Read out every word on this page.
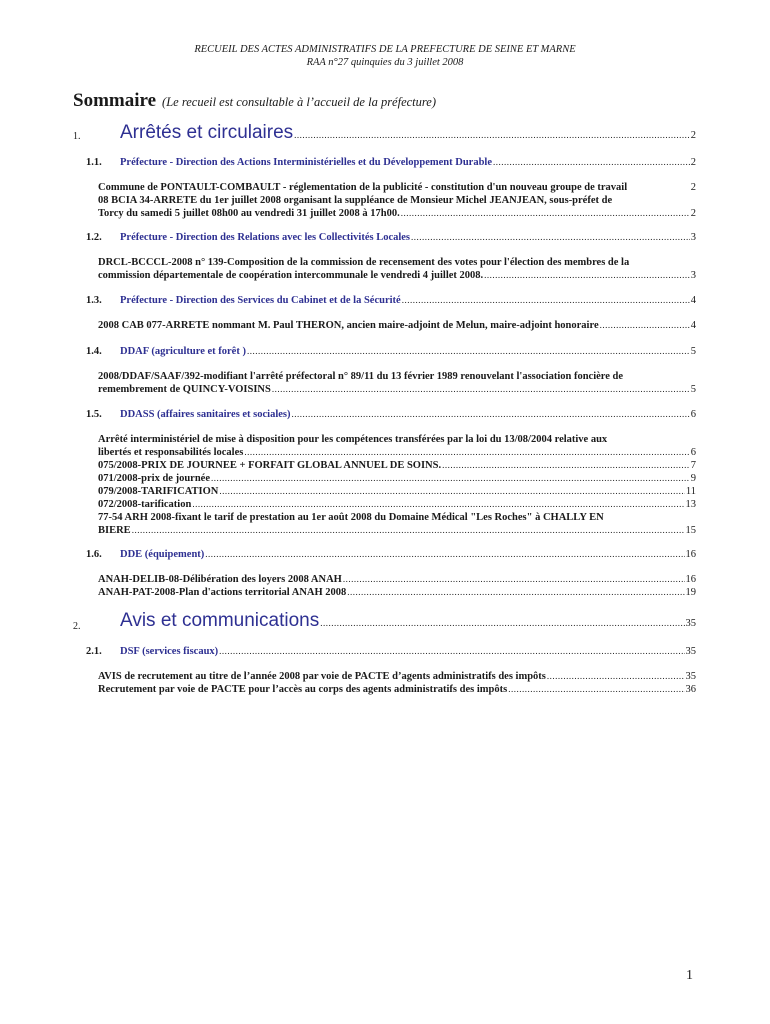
RECUEIL DES ACTES ADMINISTRATIFS DE LA PREFECTURE DE SEINE ET MARNE
RAA n°27 quinquies du 3 juillet 2008
Sommaire (Le recueil est consultable à l’accueil de la préfecture)
1. Arrêtés et circulaires .....	2
1.1. Préfecture - Direction des Actions Interministérielles et du Développement Durable .....	2
Commune de PONTAULT-COMBAULT - réglementation de la publicité - constitution d'un nouveau groupe de travail	2
08 BCIA 34-ARRETE du 1er juillet 2008 organisant la suppléance de Monsieur Michel JEANJEAN, sous-préfet de
Torcy du samedi 5 juillet 08h00 au vendredi 31 juillet 2008 à 17h00. .....	2
1.2. Préfecture - Direction des Relations avec les Collectivités Locales .....	3
DRCL-BCCCL-2008 n° 139-Composition de la commission de recensement des votes pour l'élection des membres de la
commission départementale de coopération intercommunale le vendredi 4 juillet 2008. .....	3
1.3. Préfecture - Direction des Services du Cabinet et de la Sécurité .....	4
2008 CAB 077-ARRETE nommant M. Paul THERON, ancien maire-adjoint de Melun, maire-adjoint honoraire .....	4
1.4. DDAF (agriculture et forêt ) .....	5
2008/DDAF/SAAF/392-modifiant l'arrêté préfectoral n° 89/11 du 13 février 1989 renouvelant l'association foncière de
remembrement de QUINCY-VOISINS .....	5
1.5. DDASS (affaires sanitaires et sociales) .....	6
Arrêté interministériel de mise à disposition pour les compétences transférées par la loi du 13/08/2004 relative aux
libertés et responsabilités locales .....	6
075/2008-PRIX DE JOURNEE + FORFAIT GLOBAL ANNUEL DE SOINS. .....	7
071/2008-prix de journée .....	9
079/2008-TARIFICATION .....	11
072/2008-tarification .....	13
77-54 ARH 2008-fixant le tarif de prestation au 1er août 2008 du Domaine Médical "Les Roches" à CHALLY EN
BIERE .....	15
1.6. DDE (équipement) .....	16
ANAH-DELIB-08-Délibération des loyers 2008 ANAH .....	16
ANAH-PAT-2008-Plan d'actions territorial ANAH 2008 .....	19
2. Avis et communications .....	35
2.1. DSF (services fiscaux) .....	35
AVIS de recrutement au titre de l’année 2008 par voie de PACTE d’agents administratifs des impôts .....	35
Recrutement par voie de PACTE pour l’accès au corps des agents administratifs des impôts .....	36
1
